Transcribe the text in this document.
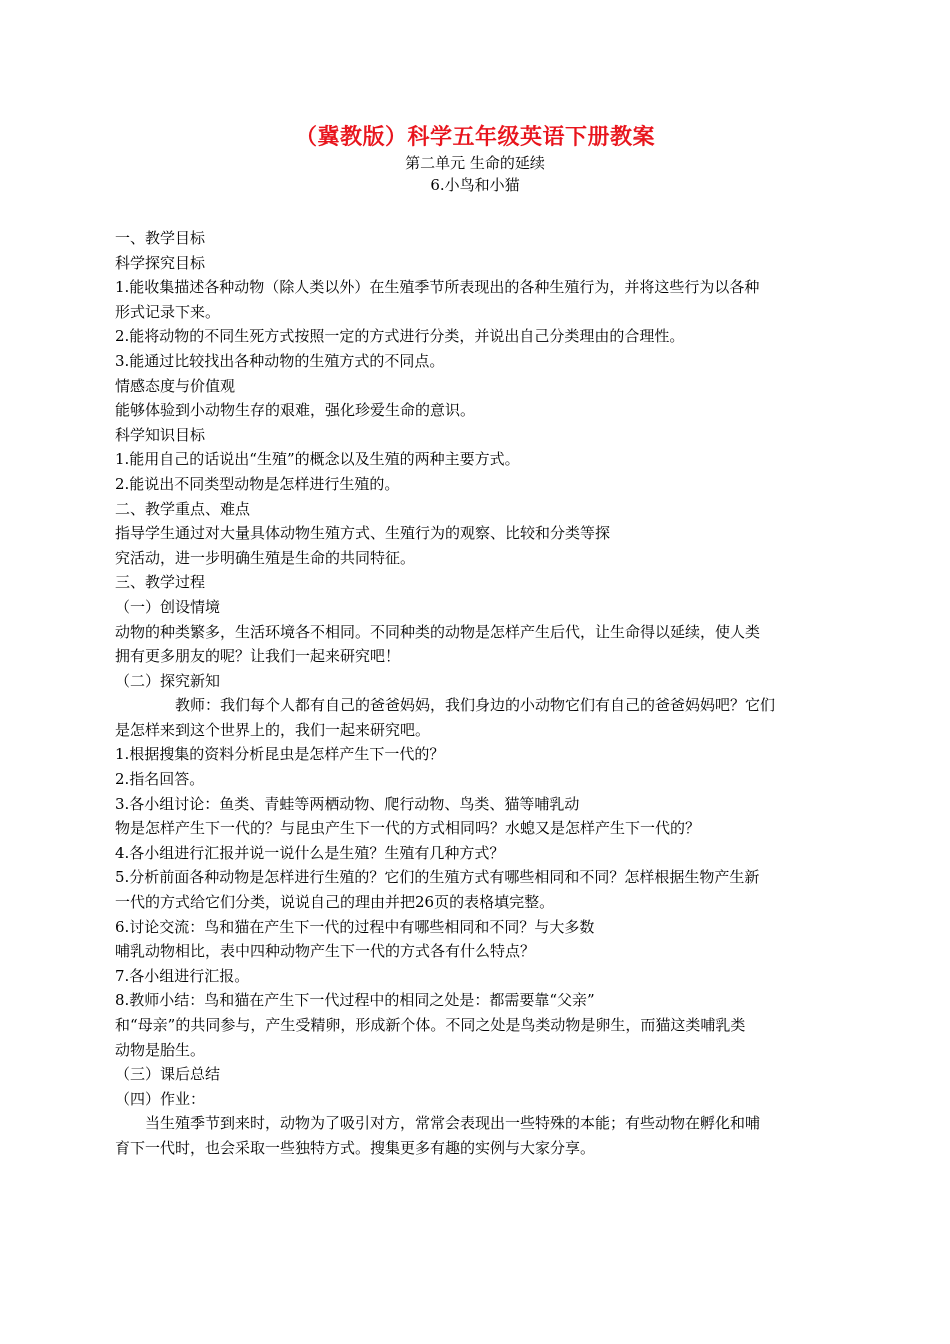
（冀教版）科学五年级英语下册教案
第二单元 生命的延续
6.小鸟和小猫
一、教学目标
科学探究目标
1.能收集描述各种动物（除人类以外）在生殖季节所表现出的各种生殖行为，并将这些行为以各种
形式记录下来。
2.能将动物的不同生死方式按照一定的方式进行分类，并说出自己分类理由的合理性。
3.能通过比较找出各种动物的生殖方式的不同点。
情感态度与价值观
能够体验到小动物生存的艰难，强化珍爱生命的意识。
科学知识目标
1.能用自己的话说出“生殖”的概念以及生殖的两种主要方式。
2.能说出不同类型动物是怎样进行生殖的。
二、教学重点、难点
指导学生通过对大量具体动物生殖方式、生殖行为的观察、比较和分类等探
究活动，进一步明确生殖是生命的共同特征。
三、教学过程
（一）创设情境
动物的种类繁多，生活环境各不相同。不同种类的动物是怎样产生后代，让生命得以延续，使人类
拥有更多朋友的呢？让我们一起来研究吧！
（二）探究新知
教师：我们每个人都有自己的爸爸妈妈，我们身边的小动物它们有自己的爸爸妈妈吧？它们
是怎样来到这个世界上的，我们一起来研究吧。
1.根据搜集的资料分析昆虫是怎样产生下一代的？
2.指名回答。
3.各小组讨论：鱼类、青蛙等两栖动物、爬行动物、鸟类、猫等哺乳动
物是怎样产生下一代的？与昆虫产生下一代的方式相同吗？水螅又是怎样产生下一代的？
4.各小组进行汇报并说一说什么是生殖？生殖有几种方式？
5.分析前面各种动物是怎样进行生殖的？它们的生殖方式有哪些相同和不同？怎样根据生物产生新
一代的方式给它们分类，说说自己的理由并把26页的表格填完整。
6.讨论交流：鸟和猫在产生下一代的过程中有哪些相同和不同？与大多数
哺乳动物相比，表中四种动物产生下一代的方式各有什么特点？
7.各小组进行汇报。
8.教师小结：鸟和猫在产生下一代过程中的相同之处是：都需要靠“父亲”
和“母亲”的共同参与，产生受精卵，形成新个体。不同之处是鸟类动物是卵生，而猫这类哺乳类
动物是胎生。
（三）课后总结
（四）作业：
当生殖季节到来时，动物为了吸引对方，常常会表现出一些特殊的本能；有些动物在孵化和哺
育下一代时，也会采取一些独特方式。搜集更多有趣的实例与大家分享。
